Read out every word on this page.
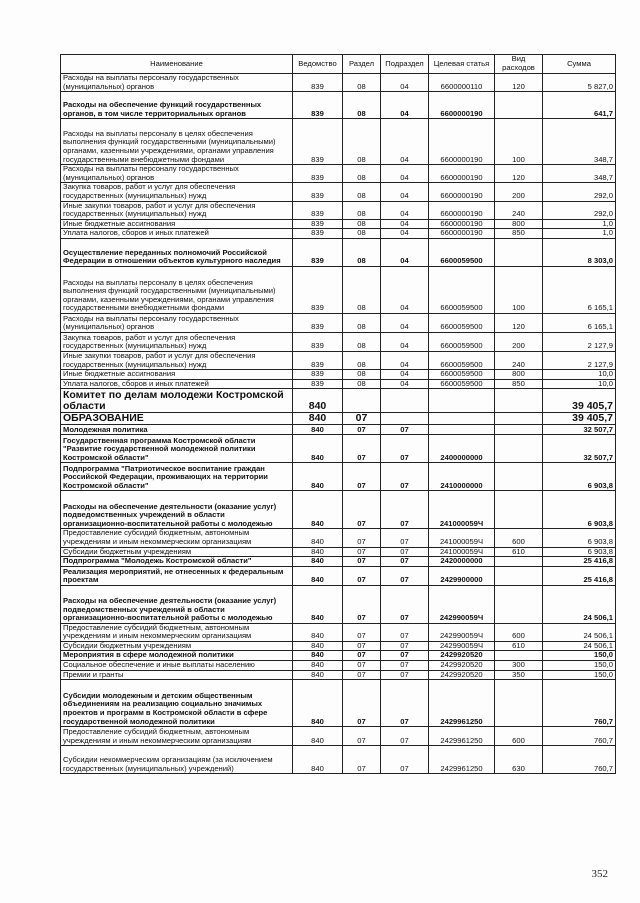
Наименование	Ведомство	Раздел	Подраздел	Целевая статья	Вид расходов	Сумма
Расходы на выплаты персоналу государственных (муниципальных) органов	839	08	04	6600000110	120	5 827,0
Расходы на обеспечение функций государственных органов, в том числе территориальных органов	839	08	04	6600000190		641,7
Расходы на выплаты персоналу в целях обеспечения выполнения функций государственными (муниципальными) органами, казенными учреждениями, органами управления государственными внебюджетными фондами	839	08	04	6600000190	100	348,7
Расходы на выплаты персоналу государственных (муниципальных) органов	839	08	04	6600000190	120	348,7
Закупка товаров, работ и услуг для обеспечения государственных (муниципальных) нужд	839	08	04	6600000190	200	292,0
Иные закупки товаров, работ и услуг для обеспечения государственных (муниципальных) нужд	839	08	04	6600000190	240	292,0
Иные бюджетные ассигнования	839	08	04	6600000190	800	1,0
Уплата налогов, сборов и иных платежей	839	08	04	6600000190	850	1,0
Осуществление переданных полномочий Российской Федерации в отношении объектов культурного наследия	839	08	04	6600059500		8 303,0
Расходы на выплаты персоналу в целях обеспечения выполнения функций государственными (муниципальными) органами, казенными учреждениями, органами управления государственными внебюджетными фондами	839	08	04	6600059500	100	6 165,1
Расходы на выплаты персоналу государственных (муниципальных) органов	839	08	04	6600059500	120	6 165,1
Закупка товаров, работ и услуг для обеспечения государственных (муниципальных) нужд	839	08	04	6600059500	200	2 127,9
Иные закупки товаров, работ и услуг для обеспечения государственных (муниципальных) нужд	839	08	04	6600059500	240	2 127,9
Иные бюджетные ассигнования	839	08	04	6600059500	800	10,0
Уплата налогов, сборов и иных платежей	839	08	04	6600059500	850	10,0
Комитет по делам молодежи Костромской области	840					39 405,7
ОБРАЗОВАНИЕ	840	07				39 405,7
Молодежная политика	840	07	07			32 507,7
Государственная программа Костромской области "Развитие государственной молодежной политики Костромской области"	840	07	07	2400000000		32 507,7
Подпрограмма "Патриотическое воспитание граждан Российской Федерации, проживающих на территории Костромской области"	840	07	07	2410000000		6 903,8
Расходы на обеспечение деятельности (оказание услуг) подведомственных учреждений в области организационно-воспитательной работы с молодежью	840	07	07	241000059Ч		6 903,8
Предоставление субсидий бюджетным, автономным учреждениям и иным некоммерческим организациям	840	07	07	241000059Ч	600	6 903,8
Субсидии бюджетным учреждениям	840	07	07	241000059Ч	610	6 903,8
Подпрограмма "Молодежь Костромской области"	840	07	07	2420000000		25 416,8
Реализация мероприятий, не отнесенных к федеральным проектам	840	07	07	2429900000		25 416,8
Расходы на обеспечение деятельности (оказание услуг) подведомственных учреждений в области организационно-воспитательной работы с молодежью	840	07	07	242990059Ч		24 506,1
Предоставление субсидий бюджетным, автономным учреждениям и иным некоммерческим организациям	840	07	07	242990059Ч	600	24 506,1
Субсидии бюджетным учреждениям	840	07	07	242990059Ч	610	24 506,1
Мероприятия в сфере молодежной политики	840	07	07	2429920520		150,0
Социальное обеспечение и иные выплаты населению	840	07	07	2429920520	300	150,0
Премии и гранты	840	07	07	2429920520	350	150,0
Субсидии молодежным и детским общественным объединениям на реализацию социально значимых проектов и программ в Костромской области в сфере государственной молодежной политики	840	07	07	2429961250		760,7
Предоставление субсидий бюджетным, автономным учреждениям и иным некоммерческим организациям	840	07	07	2429961250	600	760,7
Субсидии некоммерческим организациям (за исключением государственных (муниципальных) учреждений)	840	07	07	2429961250	630	760,7
352
